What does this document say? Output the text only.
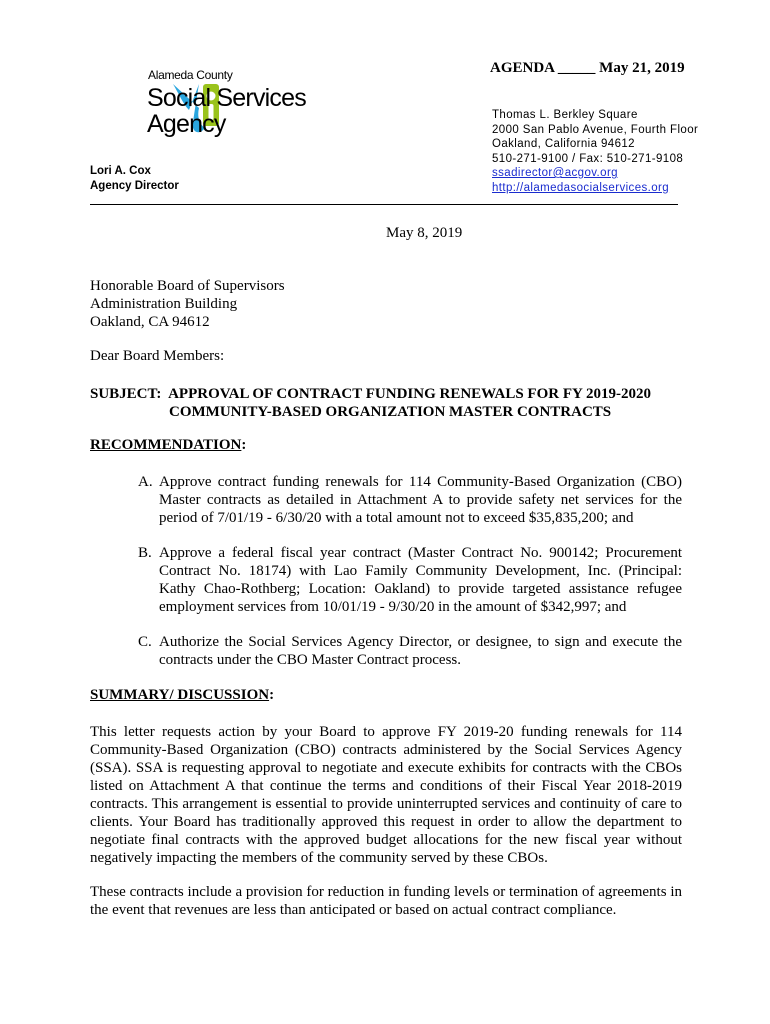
AGENDA _____ May 21, 2019
Alameda County
Social Services
Agency	Thomas L. Berkley Square
2000 San Pablo Avenue, Fourth Floor
Oakland, California 94612
510-271-9100 / Fax: 510-271-9108
ssadirector@acgov.org
http://alamedasocialservices.org
Lori A. Cox
Agency Director
May 8, 2019
Honorable Board of Supervisors
Administration Building
Oakland, CA 94612
Dear Board Members:
SUBJECT:  APPROVAL OF CONTRACT FUNDING RENEWALS FOR FY 2019-2020
COMMUNITY-BASED ORGANIZATION MASTER CONTRACTS
RECOMMENDATION:
A. Approve contract funding renewals for 114 Community-Based Organization (CBO) Master contracts as detailed in Attachment A to provide safety net services for the period of 7/01/19 - 6/30/20 with a total amount not to exceed $35,835,200; and
B. Approve a federal fiscal year contract (Master Contract No. 900142; Procurement Contract No. 18174) with Lao Family Community Development, Inc. (Principal: Kathy Chao-Rothberg; Location: Oakland) to provide targeted assistance refugee employment services from 10/01/19 - 9/30/20 in the amount of $342,997; and
C. Authorize the Social Services Agency Director, or designee, to sign and execute the contracts under the CBO Master Contract process.
SUMMARY/ DISCUSSION:
This letter requests action by your Board to approve FY 2019-20 funding renewals for 114 Community-Based Organization (CBO) contracts administered by the Social Services Agency (SSA). SSA is requesting approval to negotiate and execute exhibits for contracts with the CBOs listed on Attachment A that continue the terms and conditions of their Fiscal Year 2018-2019 contracts. This arrangement is essential to provide uninterrupted services and continuity of care to clients. Your Board has traditionally approved this request in order to allow the department to negotiate final contracts with the approved budget allocations for the new fiscal year without negatively impacting the members of the community served by these CBOs.
These contracts include a provision for reduction in funding levels or termination of agreements in the event that revenues are less than anticipated or based on actual contract compliance.
